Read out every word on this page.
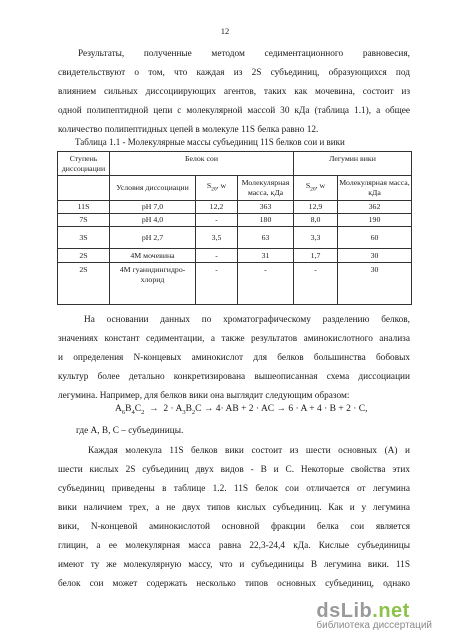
12
Результаты, полученные методом седиментационного равновесия,
свидетельствуют о том, что каждая из 2S субъединиц, образующихся под
влиянием сильных диссоциирующих агентов, таких как мочевина, состоит из
одной полипептидной цепи с молекулярной массой 30 кДа (таблица 1.1), а общее
количество полипептидных цепей в молекуле 11S белка равно 12.
Таблица 1.1 - Молекулярные массы субъединиц 11S белков сои и вики
Ступень диссоциации	Белок сои			Легумин вики	
	Условия диссоциации	$S_{20}$, w	Молекулярная масса, кДа	$S_{20}$, w	Молекулярная масса, кДа
11S	pH 7,0	12,2	363	12,9	362
7S	pH 4,0	-	180	8,0	190
3S	pH 2,7	3,5	63	3,3	60
2S	4М мочевина	-	31	1,7	30
2S	4М гуанидингидро-хлорид	-	-	-	30
На основании данных по хроматографическому разделению белков,
значениях констант седиментации, а также результатов аминокислотного анализа
и определения N-концевых аминокислот для белков большинства бобовых
культур более детально конкретизирована вышеописанная схема диссоциации
легумина. Например, для белков вики она выглядит следующим образом:
$A_6B_4C_2 \to 2 \cdot A_3B_2C \to 4\cdot$ AB + 2 · AC → 6 · A + 4 · B + 2 · C,
где А, В, С – субъединицы.
Каждая молекула 11S белков вики состоит из шести основных (А) и
шести кислых 2S субъединиц двух видов - В и С. Некоторые свойства этих
субъединиц приведены в таблице 1.2. 11S белок сои отличается от легумина
вики наличием трех, а не двух типов кислых субъединиц. Как и у легумина
вики, N-концевой аминокислотой основной фракции белка сои является
глицин, а ее молекулярная масса равна 22,3-24,4 кДа. Кислые субъединицы
имеют ту же молекулярную массу, что и субъединицы В легумина вики. 11S
белок сои может содержать несколько типов основных субъединиц, однако
dsLib.net
библиотека диссертаций
